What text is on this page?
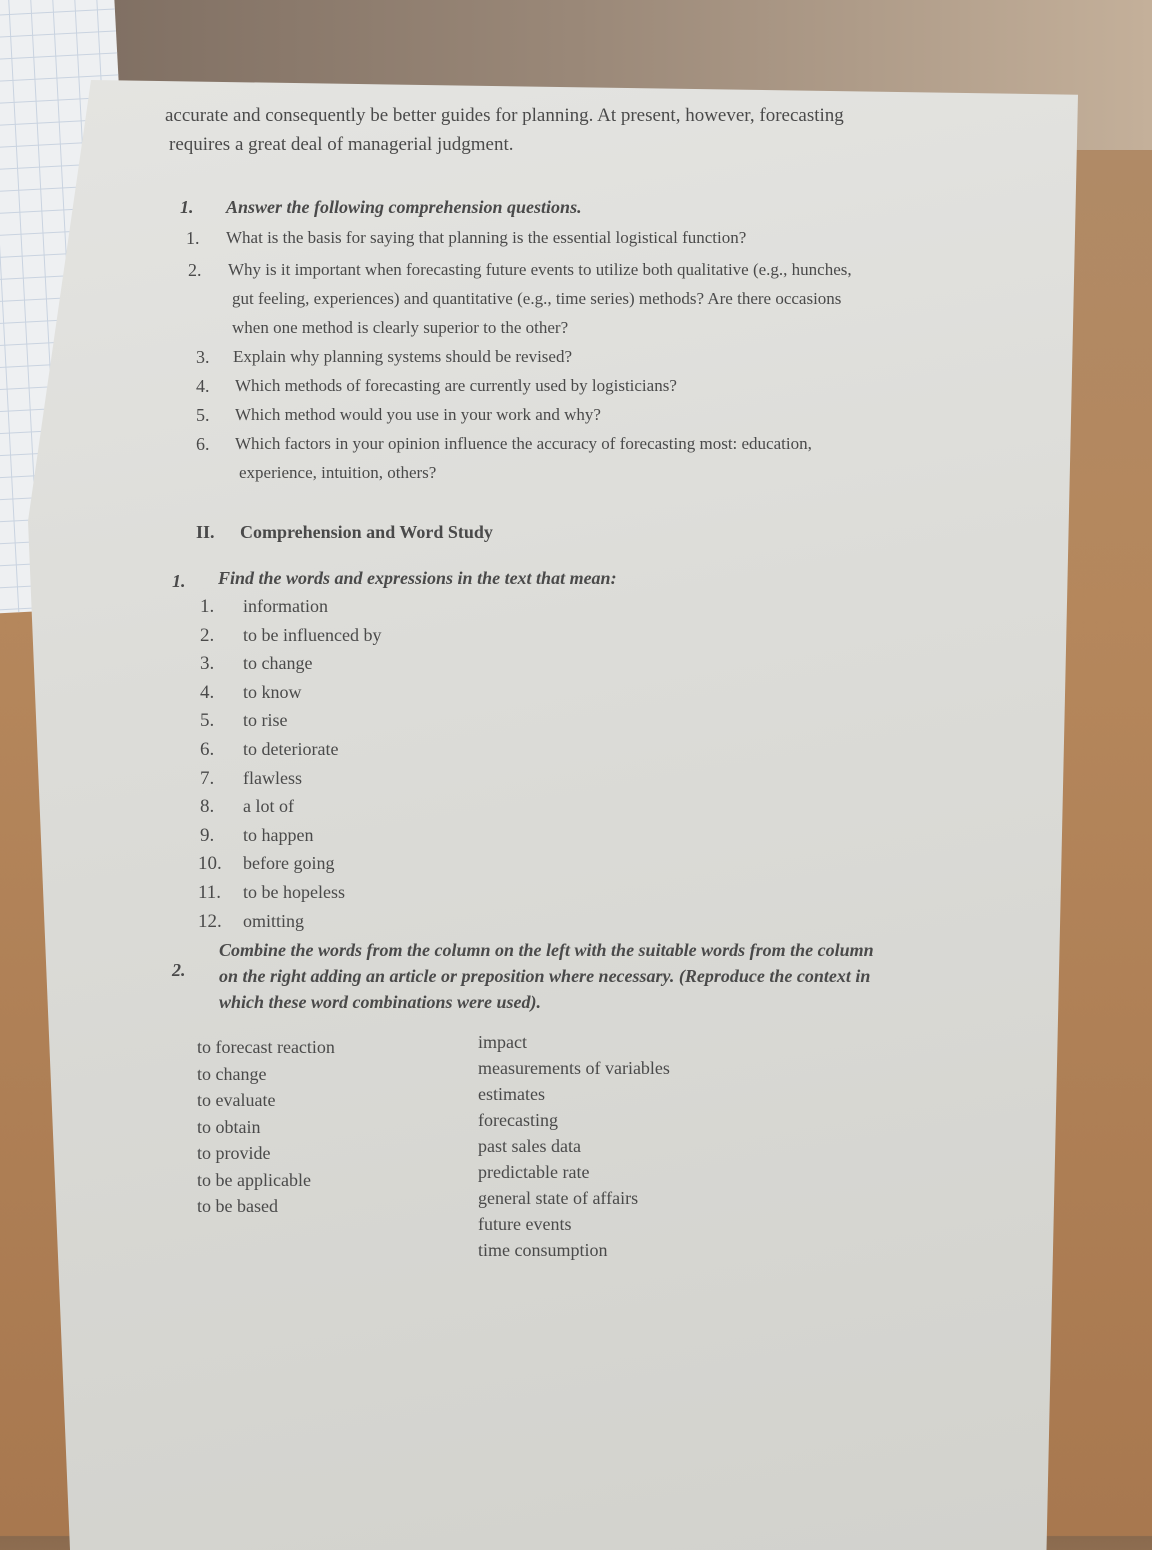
accurate and consequently be better guides for planning. At present, however, forecasting
requires a great deal of managerial judgment.
1. Answer the following comprehension questions.
1. What is the basis for saying that planning is the essential logistical function?
2. Why is it important when forecasting future events to utilize both qualitative (e.g., hunches,
gut feeling, experiences) and quantitative (e.g., time series) methods? Are there occasions
when one method is clearly superior to the other?
3. Explain why planning systems should be revised?
4. Which methods of forecasting are currently used by logisticians?
5. Which method would you use in your work and why?
6. Which factors in your opinion influence the accuracy of forecasting most: education,
experience, intuition, others?
II. Comprehension and Word Study
1. Find the words and expressions in the text that mean:
1. information
2. to be influenced by
3. to change
4. to know
5. to rise
6. to deteriorate
7. flawless
8. a lot of
9. to happen
10. before going
11. to be hopeless
12. omitting
2.
Combine the words from the column on the left with the suitable words from the column
on the right adding an article or preposition where necessary. (Reproduce the context in
which these word combinations were used).
to forecast reaction
to change
to evaluate
to obtain
to provide
to be applicable
to be based
impact
measurements of variables
estimates
forecasting
past sales data
predictable rate
general state of affairs
future events
time consumption
